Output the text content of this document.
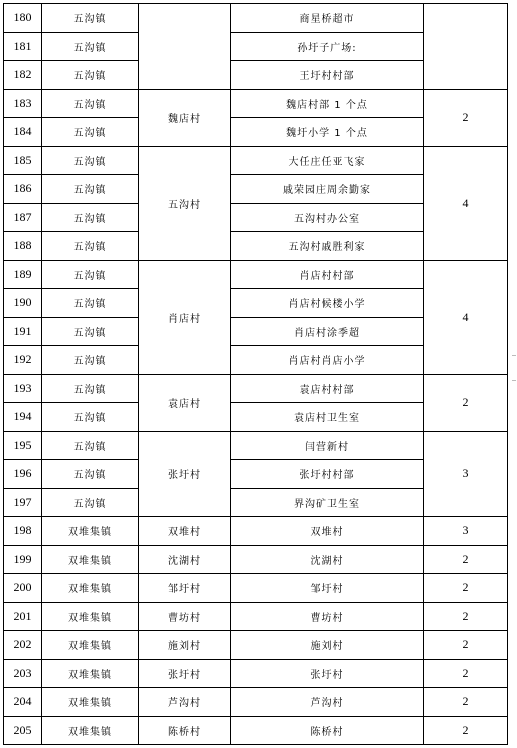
180	五沟镇		商星桥超市	
181	五沟镇		孙圩子广场:	
182	五沟镇		王圩村村部	
183	五沟镇	魏店村	魏店村部 1 个点	2
184	五沟镇		魏圩小学 1 个点	
185	五沟镇	五沟村	大任庄任亚飞家	4
186	五沟镇		戚荣园庄周余勤家	
187	五沟镇		五沟村办公室	
188	五沟镇		五沟村戚胜利家	
189	五沟镇	肖店村	肖店村村部	4
190	五沟镇		肖店村候楼小学	
191	五沟镇		肖店村涂季超	
192	五沟镇		肖店村肖店小学	
193	五沟镇	袁店村	袁店村村部	2
194	五沟镇		袁店村卫生室	
195	五沟镇	张圩村	闫营新村	3
196	五沟镇		张圩村村部	
197	五沟镇		界沟矿卫生室	
198	双堆集镇	双堆村	双堆村	3
199	双堆集镇	沈湖村	沈湖村	2
200	双堆集镇	邹圩村	邹圩村	2
201	双堆集镇	曹坊村	曹坊村	2
202	双堆集镇	施刘村	施刘村	2
203	双堆集镇	张圩村	张圩村	2
204	双堆集镇	芦沟村	芦沟村	2
205	双堆集镇	陈桥村	陈桥村	2
